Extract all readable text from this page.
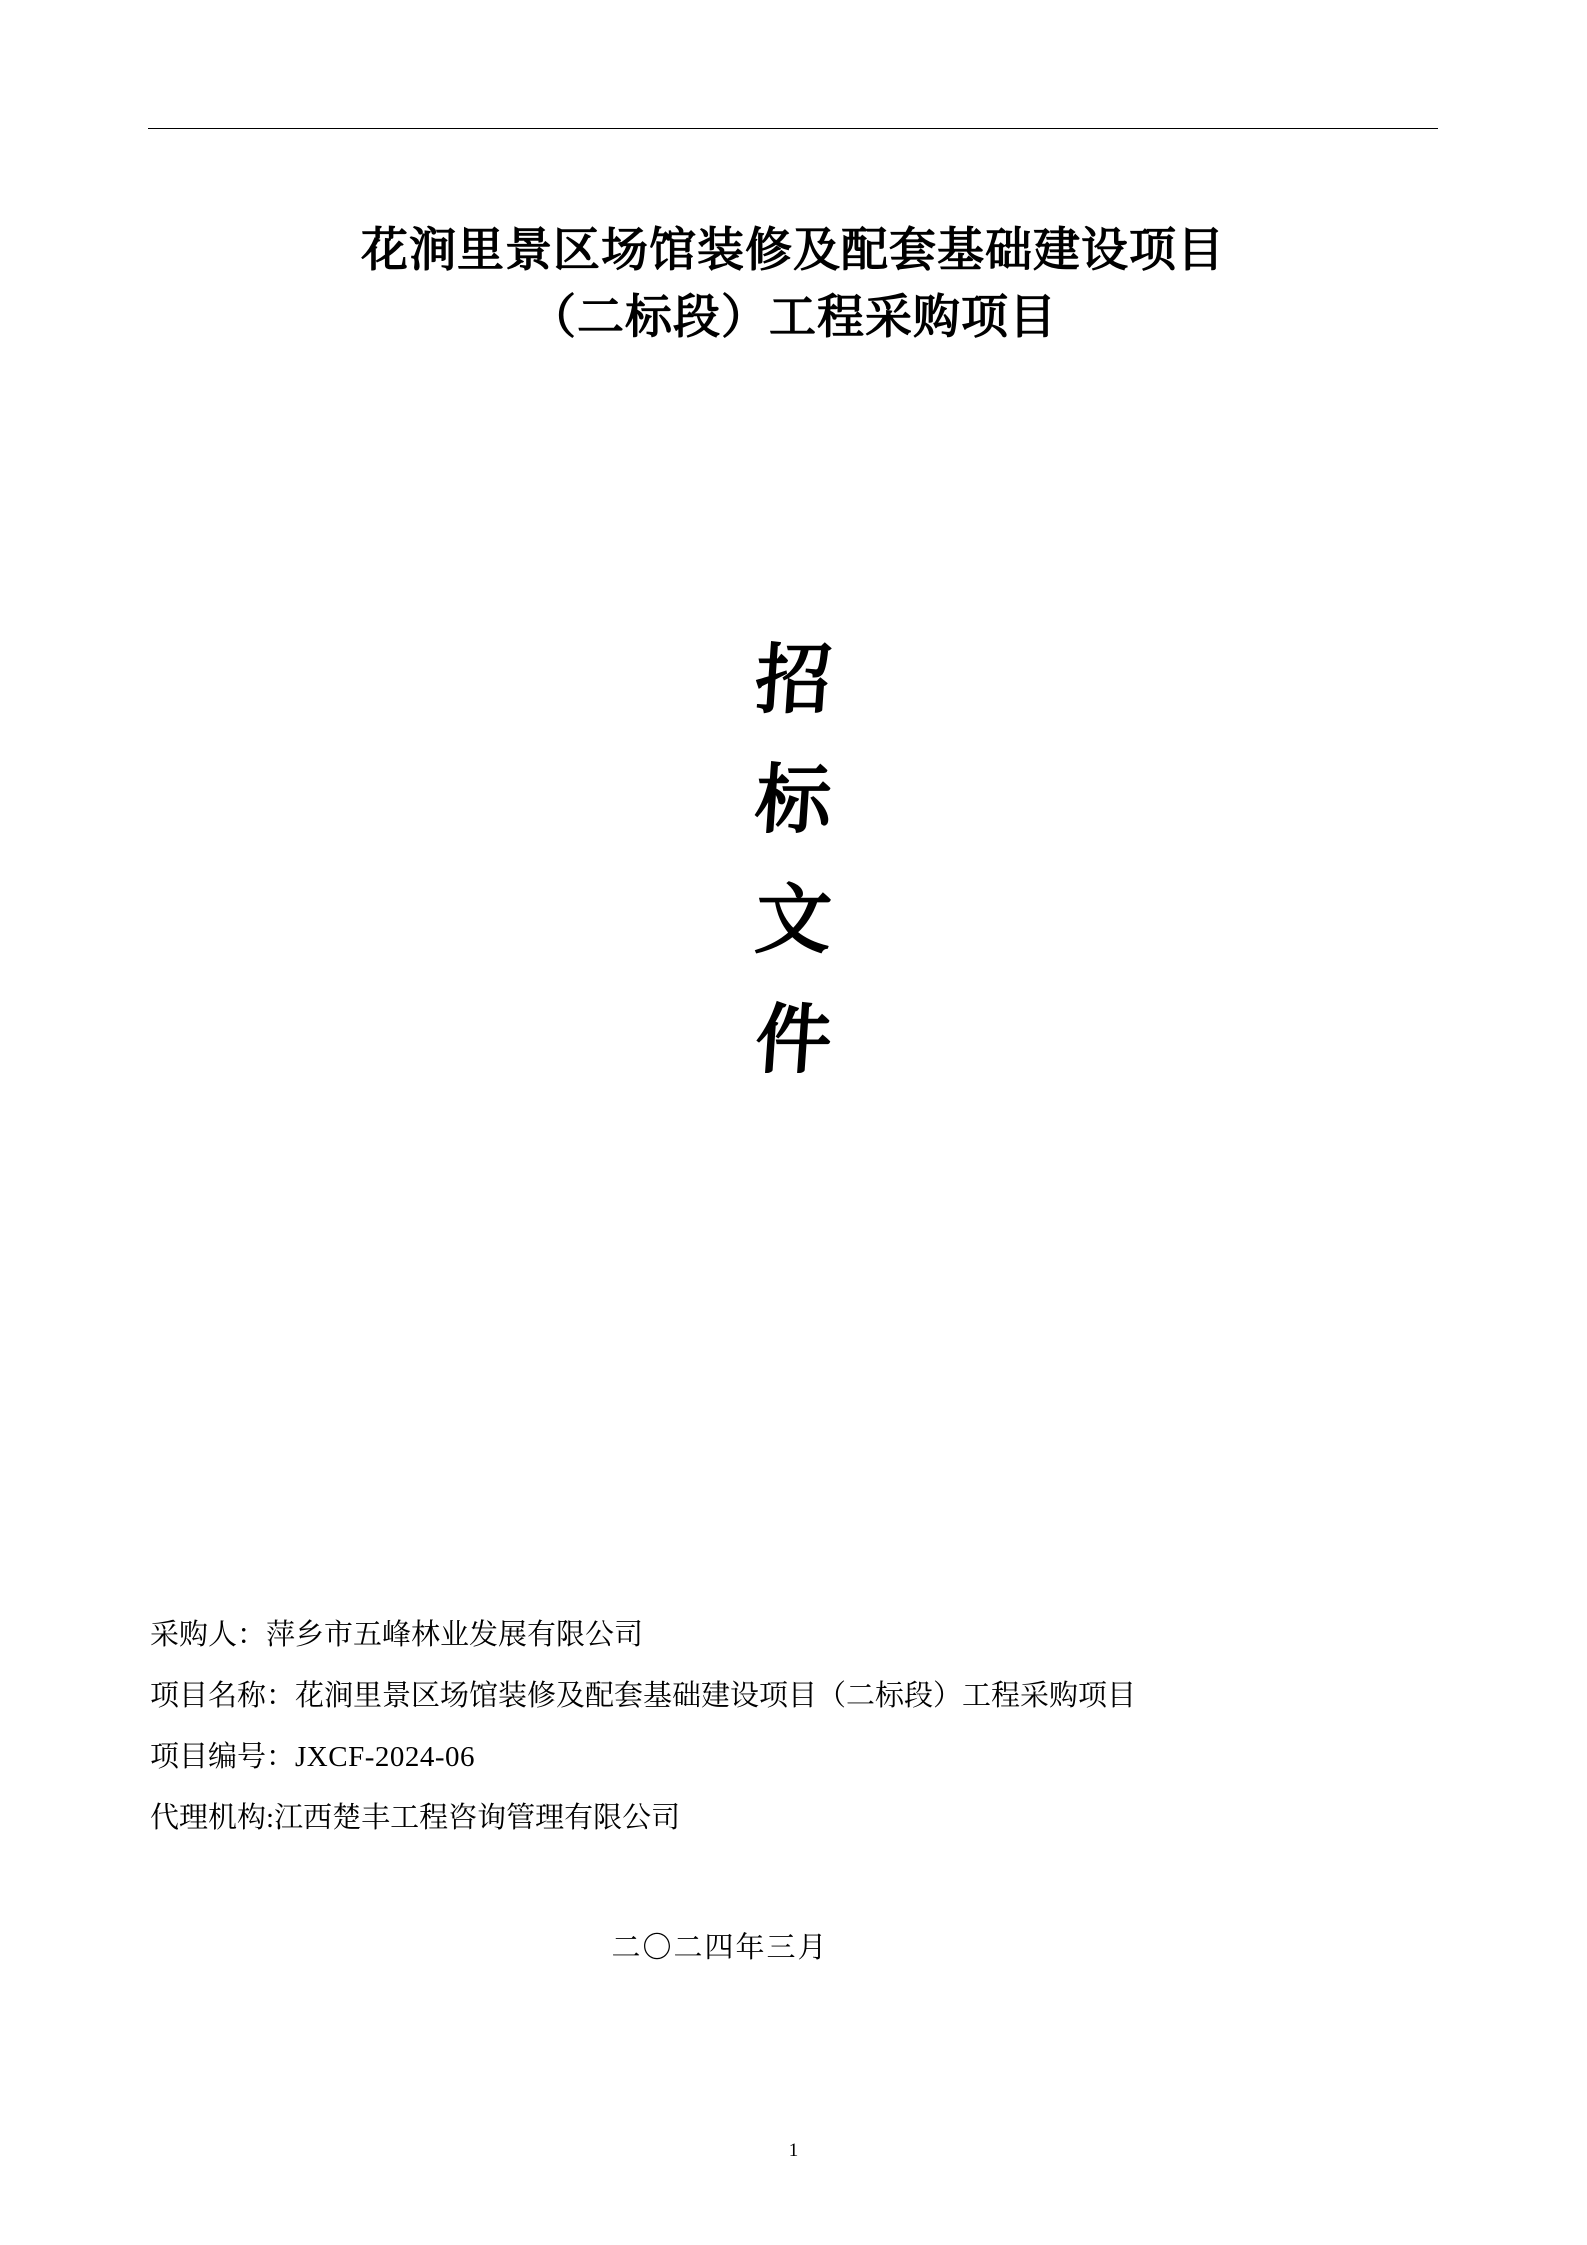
花涧里景区场馆装修及配套基础建设项目
（二标段）工程采购项目
招
标
文
件
采购人：萍乡市五峰林业发展有限公司
项目名称：花涧里景区场馆装修及配套基础建设项目（二标段）工程采购项目
项目编号：JXCF-2024-06
代理机构:江西楚丰工程咨询管理有限公司
二〇二四年三月
1
